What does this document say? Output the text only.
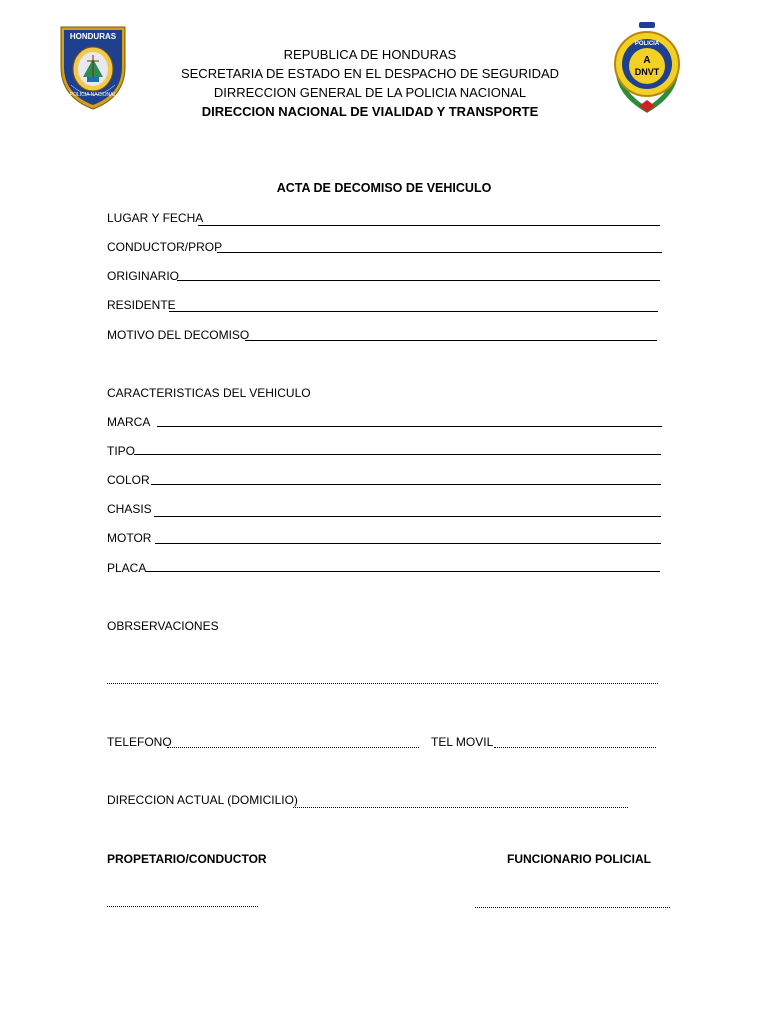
HONDURAS
POLICIA NACIONAL
POLICIA
A
DNVT
REPUBLICA DE HONDURAS
SECRETARIA DE ESTADO EN EL DESPACHO DE SEGURIDAD
DIRRECCION GENERAL DE LA POLICIA NACIONAL
DIRECCION NACIONAL DE VIALIDAD Y TRANSPORTE
ACTA DE DECOMISO DE VEHICULO
LUGAR Y FECHA
CONDUCTOR/PROP
ORIGINARIO
RESIDENTE
MOTIVO DEL DECOMISO
CARACTERISTICAS DEL VEHICULO
MARCA
TIPO
COLOR
CHASIS
MOTOR
PLACA
OBRSERVACIONES
TELEFONO	TEL MOVIL
DIRECCION ACTUAL (DOMICILIO)
PROPETARIO/CONDUCTOR	FUNCIONARIO POLICIAL
